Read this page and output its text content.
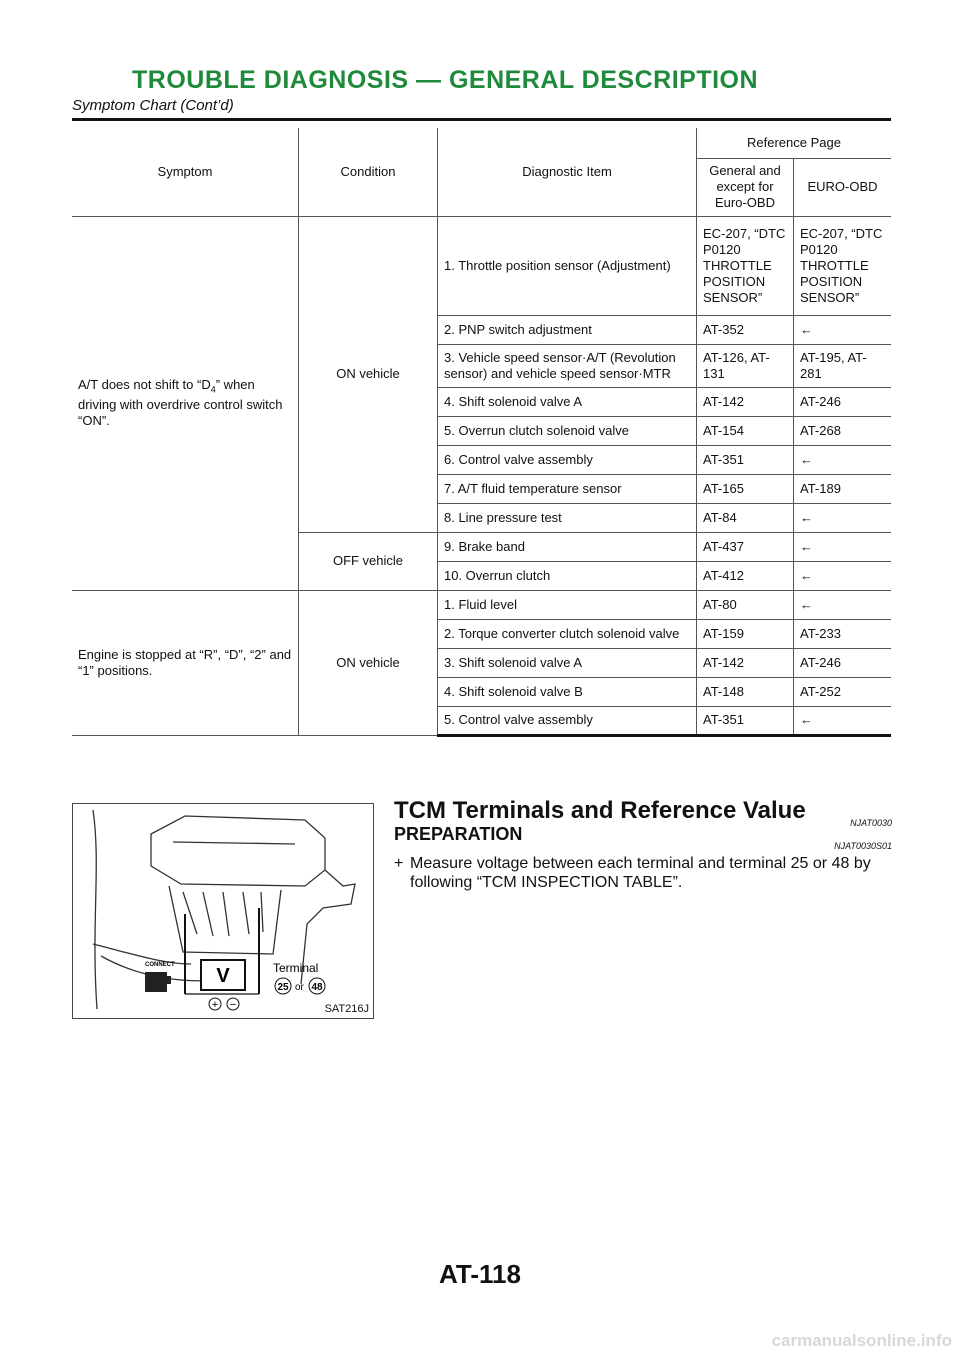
TROUBLE DIAGNOSIS — GENERAL DESCRIPTION
Symptom Chart (Cont’d)
Symptom	Condition	Diagnostic Item	Reference Page	
			General and except for Euro-OBD	EURO-OBD
A/T does not shift to “$D_4$” when driving with overdrive control switch “ON”.	ON vehicle	1. Throttle position sensor (Adjustment)	EC-207, “DTC P0120 THROTTLE POSITION SENSOR”	EC-207, “DTC P0120 THROTTLE POSITION SENSOR”
		2. PNP switch adjustment	AT-352	←
		3. Vehicle speed sensor·A/T (Revolution sensor) and vehicle speed sensor·MTR	AT-126, AT-131	AT-195, AT-281
		4. Shift solenoid valve A	AT-142	AT-246
		5. Overrun clutch solenoid valve	AT-154	AT-268
		6. Control valve assembly	AT-351	←
		7. A/T fluid temperature sensor	AT-165	AT-189
		8. Line pressure test	AT-84	←
	OFF vehicle	9. Brake band	AT-437	←
		10. Overrun clutch	AT-412	←
Engine is stopped at “R”, “D”, “2” and “1” positions.	ON vehicle	1. Fluid level	AT-80	←
		2. Torque converter clutch solenoid valve	AT-159	AT-233
		3. Shift solenoid valve A	AT-142	AT-246
		4. Shift solenoid valve B	AT-148	AT-252
		5. Control valve assembly	AT-351	←
V
+ −
CONNECT	Terminal
25 or 48
SAT216J
TCM Terminals and Reference Value	NJAT0030
PREPARATION
NJAT0030S01
+ Measure voltage between each terminal and terminal 25 or 48 by following “TCM INSPECTION TABLE”.
AT-118
carmanualsonline.info
